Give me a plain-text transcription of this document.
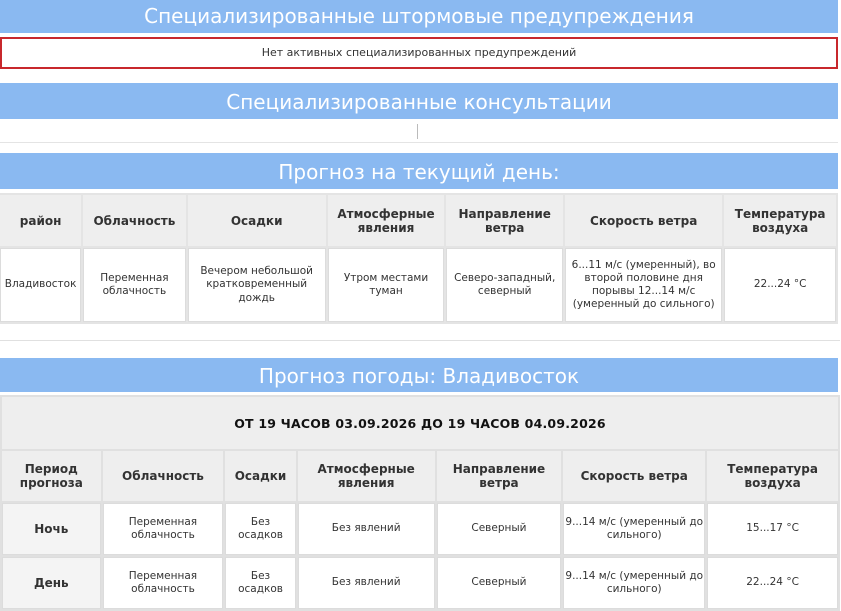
Специализированные штормовые предупреждения
Нет активных специализированных предупреждений
Специализированные консультации
Прогноз на текущий день:
район	Облачность	Осадки	Атмосферные явления	Направление ветра	Скорость ветра	Температура воздуха
Владивосток	Переменная облачность	Вечером небольшой кратковременный дождь	Утром местами туман	Северо-западный, северный	6...11 м/с (умеренный), во второй половине дня порывы 12...14 м/с (умеренный до сильного)	22...24 °C
Прогноз погоды: Владивосток
ОТ 19 ЧАСОВ 03.09.2026 ДО 19 ЧАСОВ 04.09.2026						
Период прогноза	Облачность	Осадки	Атмосферные явления	Направление ветра	Скорость ветра	Температура воздуха
Ночь	Переменная облачность	Без осадков	Без явлений	Северный	9...14 м/с (умеренный до сильного)	15...17 °C
День	Переменная облачность	Без осадков	Без явлений	Северный	9...14 м/с (умеренный до сильного)	22...24 °C
